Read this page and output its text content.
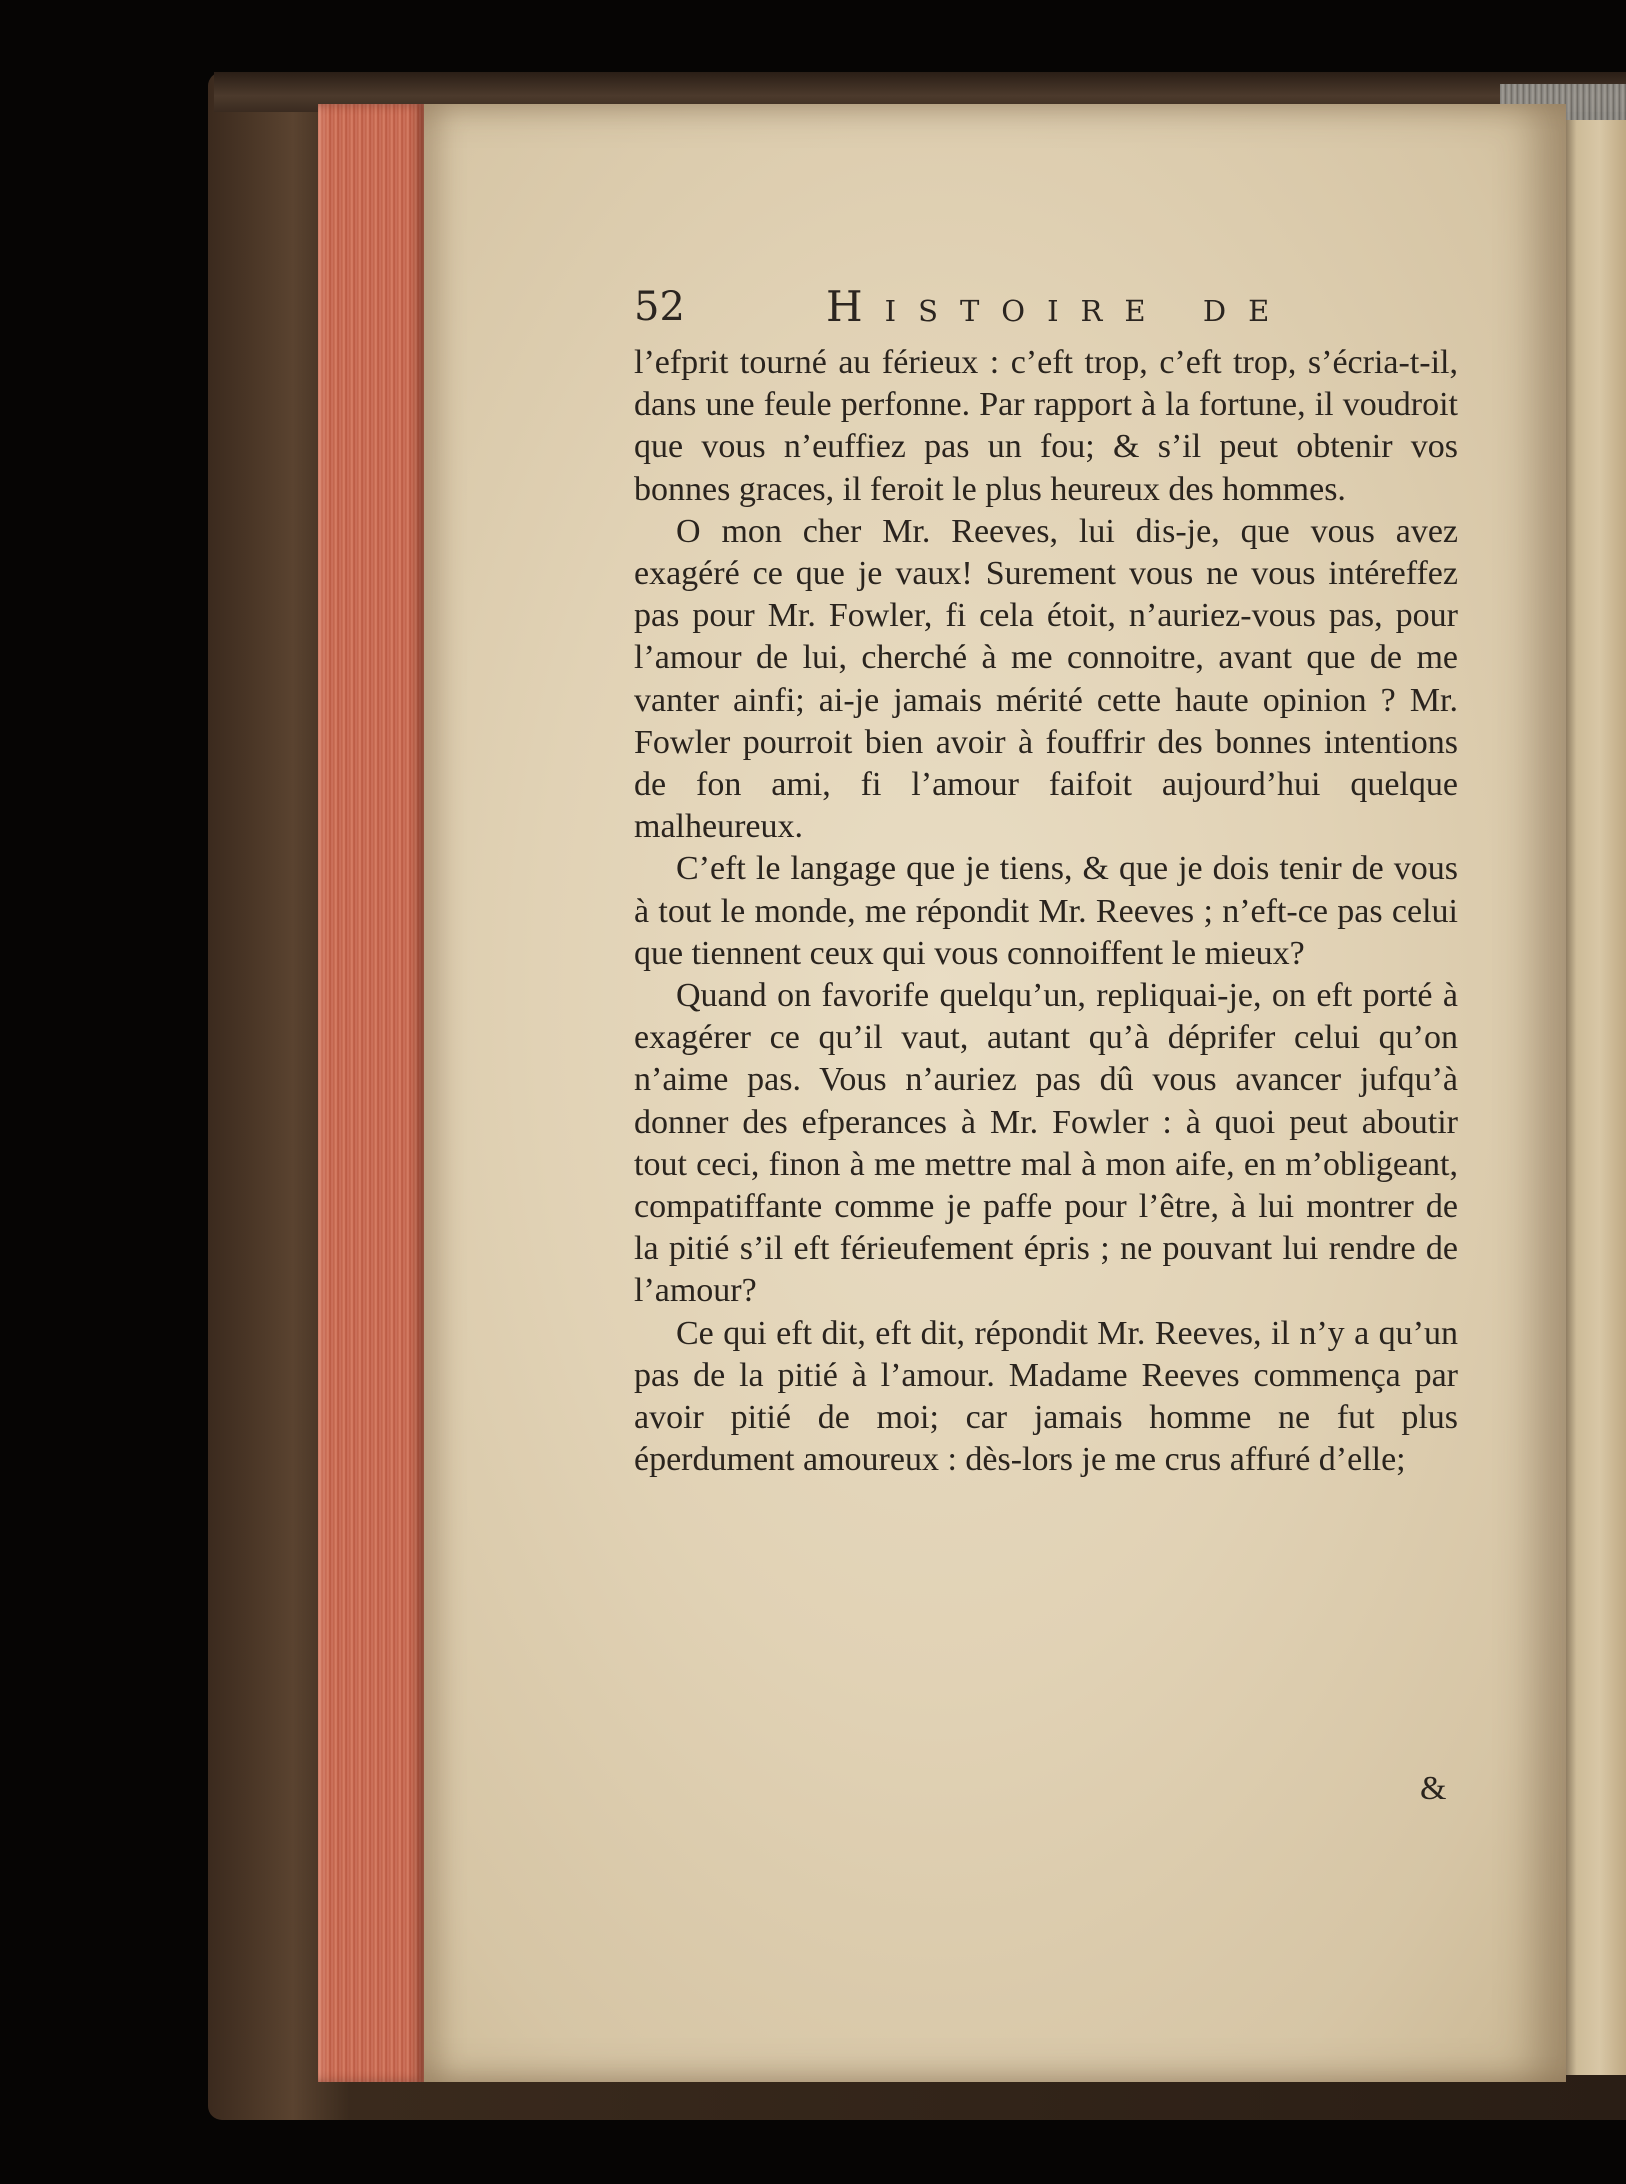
52	Histoire de

l’efprit tourné au férieux : c’eft trop, c’eft trop, s’écria-t-il, dans une feule perfonne. Par rapport à la fortune, il voudroit que vous n’euffiez pas un fou; & s’il peut obtenir vos bonnes graces, il feroit le plus heureux des hommes.

O mon cher Mr. Reeves, lui dis-je, que vous avez exagéré ce que je vaux! Surement vous ne vous intéreffez pas pour Mr. Fowler, fi cela étoit, n’auriez-vous pas, pour l’amour de lui, cherché à me connoitre, avant que de me vanter ainfi; ai-je jamais mérité cette haute opinion ? Mr. Fowler pourroit bien avoir à fouffrir des bonnes intentions de fon ami, fi l’amour faifoit aujourd’hui quelque malheureux.

C’eft le langage que je tiens, & que je dois tenir de vous à tout le monde, me répondit Mr. Reeves ; n’eft-ce pas celui que tiennent ceux qui vous connoiffent le mieux?

Quand on favorife quelqu’un, repliquai-je, on eft porté à exagérer ce qu’il vaut, autant qu’à déprifer celui qu’on n’aime pas. Vous n’auriez pas dû vous avancer jufqu’à donner des efperances à Mr. Fowler : à quoi peut aboutir tout ceci, finon à me mettre mal à mon aife, en m’obligeant, compatiffante comme je paffe pour l’être, à lui montrer de la pitié s’il eft férieufement épris ; ne pouvant lui rendre de l’amour?

Ce qui eft dit, eft dit, répondit Mr. Reeves, il n’y a qu’un pas de la pitié à l’amour. Madame Reeves commença par avoir pitié de moi; car jamais homme ne fut plus éperdument amoureux : dès-lors je me crus affuré d’elle;

&
